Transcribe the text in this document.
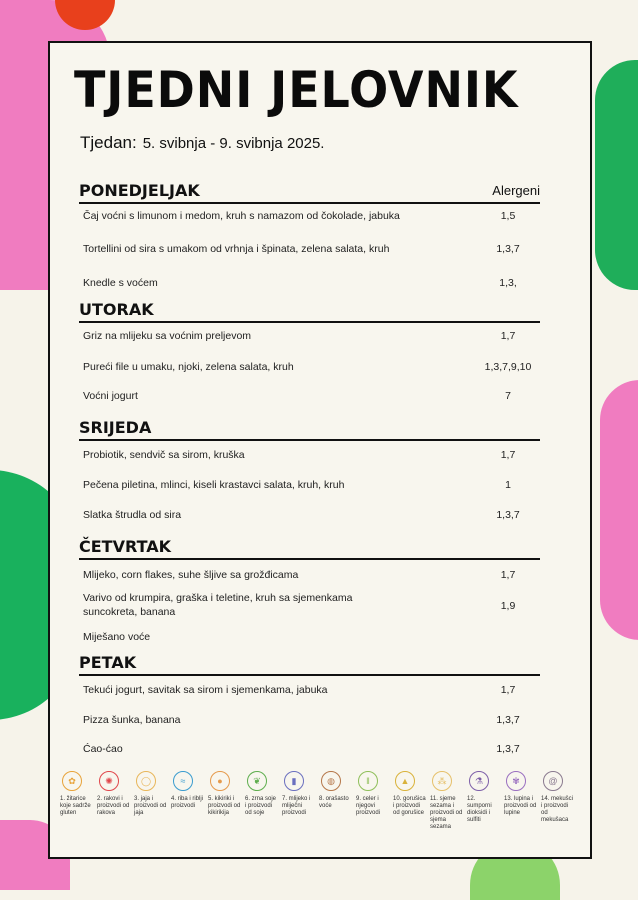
TJEDNI JELOVNIK
Tjedan: 5. svibnja - 9. svibnja 2025.
Alergeni
PONEDJELJAK
Čaj voćni s limunom i medom, kruh s namazom od čokolade, jabuka	1,5
Tortellini od sira s umakom od vrhnja i špinata, zelena salata, kruh	1,3,7
Knedle s voćem	1,3,
UTORAK
Griz na mlijeku sa voćnim preljevom	1,7
Pureći file u umaku, njoki, zelena salata, kruh	1,3,7,9,10
Voćni jogurt	7
SRIJEDA
Probiotik, sendvič sa sirom, kruška	1,7
Pečena piletina, mlinci, kiseli krastavci salata, kruh, kruh	1
Slatka štrudla od sira	1,3,7
ČETVRTAK
Mlijeko, corn flakes, suhe šljive sa grožđicama	1,7
Varivo od krumpira, graška i teletine, kruh sa sjemenkama suncokreta, banana	1,9
Miješano voće
PETAK
Tekući jogurt, savitak sa sirom i sjemenkama, jabuka	1,7
Pizza šunka, banana	1,3,7
Ćao-ćao	1,3,7
✿
1. žitarice koje sadrže gluten
✺
2. rakovi i proizvodi od rakova
◯
3. jaja i proizvodi od jaja
≈
4. riba i riblji proizvodi
●
5. kikiriki i proizvodi od kikirikija
❦
6. zrna soje i proizvodi od soje
▮
7. mlijeko i mliječni proizvodi
◍
8. orašasto voće
ǁ
9. celer i njegovi proizvodi
▲
10. gorušica i proizvodi od gorušice
⁂
11. sjeme sezama i proizvodi od sjema sezama
⚗
12. sumporni dioksidi i sulfiti
✾
13. lupina i proizvodi od lupine
@
14. mekušci i proizvodi od mekušaca
